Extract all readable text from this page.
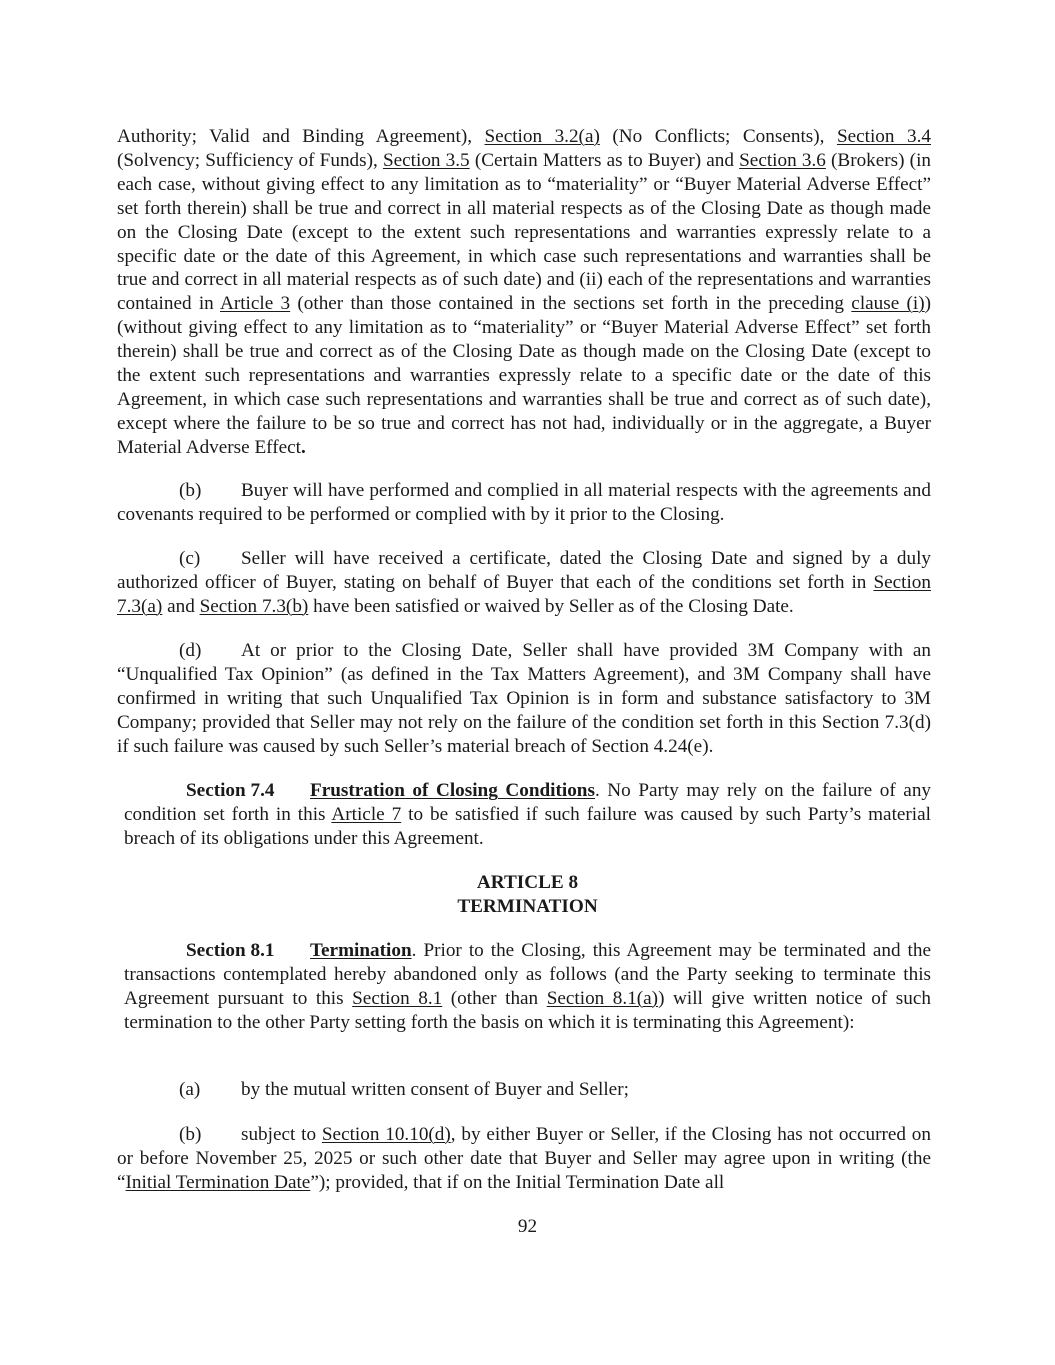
Authority; Valid and Binding Agreement), Section 3.2(a) (No Conflicts; Consents), Section 3.4 (Solvency; Sufficiency of Funds), Section 3.5 (Certain Matters as to Buyer) and Section 3.6 (Brokers) (in each case, without giving effect to any limitation as to “materiality” or “Buyer Material Adverse Effect” set forth therein) shall be true and correct in all material respects as of the Closing Date as though made on the Closing Date (except to the extent such representations and warranties expressly relate to a specific date or the date of this Agreement, in which case such representations and warranties shall be true and correct in all material respects as of such date) and (ii) each of the representations and warranties contained in Article 3 (other than those contained in the sections set forth in the preceding clause (i)) (without giving effect to any limitation as to “materiality” or “Buyer Material Adverse Effect” set forth therein) shall be true and correct as of the Closing Date as though made on the Closing Date (except to the extent such representations and warranties expressly relate to a specific date or the date of this Agreement, in which case such representations and warranties shall be true and correct as of such date), except where the failure to be so true and correct has not had, individually or in the aggregate, a Buyer Material Adverse Effect.

(b) Buyer will have performed and complied in all material respects with the agreements and covenants required to be performed or complied with by it prior to the Closing.

(c) Seller will have received a certificate, dated the Closing Date and signed by a duly authorized officer of Buyer, stating on behalf of Buyer that each of the conditions set forth in Section 7.3(a) and Section 7.3(b) have been satisfied or waived by Seller as of the Closing Date.

(d) At or prior to the Closing Date, Seller shall have provided 3M Company with an “Unqualified Tax Opinion” (as defined in the Tax Matters Agreement), and 3M Company shall have confirmed in writing that such Unqualified Tax Opinion is in form and substance satisfactory to 3M Company; provided that Seller may not rely on the failure of the condition set forth in this Section 7.3(d) if such failure was caused by such Seller’s material breach of Section 4.24(e).

Section 7.4 Frustration of Closing Conditions. No Party may rely on the failure of any condition set forth in this Article 7 to be satisfied if such failure was caused by such Party’s material breach of its obligations under this Agreement.

ARTICLE 8
TERMINATION

Section 8.1 Termination. Prior to the Closing, this Agreement may be terminated and the transactions contemplated hereby abandoned only as follows (and the Party seeking to terminate this Agreement pursuant to this Section 8.1 (other than Section 8.1(a)) will give written notice of such termination to the other Party setting forth the basis on which it is terminating this Agreement):

(a) by the mutual written consent of Buyer and Seller;

(b) subject to Section 10.10(d), by either Buyer or Seller, if the Closing has not occurred on or before November 25, 2025 or such other date that Buyer and Seller may agree upon in writing (the “Initial Termination Date”); provided, that if on the Initial Termination Date all

92
